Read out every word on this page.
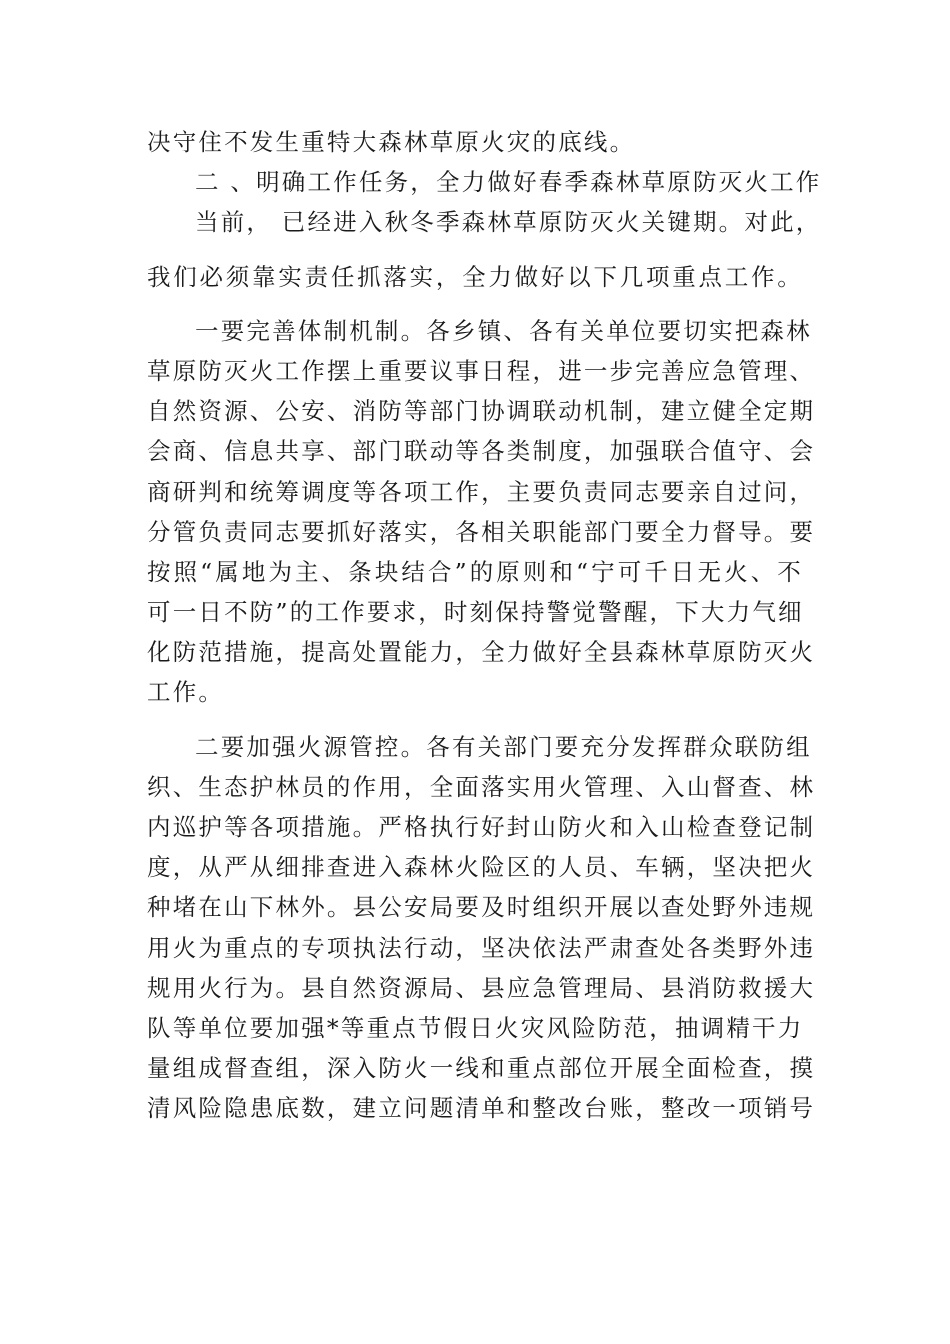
决守住不发生重特大森林草原火灾的底线。
二 、明确工作任务，全力做好春季森林草原防灭火工作
当前， 已经进入秋冬季森林草原防灭火关键期。对此，
我们必须靠实责任抓落实，全力做好以下几项重点工作。
一要完善体制机制。各乡镇、各有关单位要切实把森林
草原防灭火工作摆上重要议事日程，进一步完善应急管理、
自然资源、公安、消防等部门协调联动机制，建立健全定期
会商、信息共享、部门联动等各类制度，加强联合值守、会
商研判和统筹调度等各项工作，主要负责同志要亲自过问，
分管负责同志要抓好落实，各相关职能部门要全力督导。要
按照“属地为主、条块结合”的原则和“宁可千日无火、不
可一日不防”的工作要求，时刻保持警觉警醒，下大力气细
化防范措施，提高处置能力，全力做好全县森林草原防灭火
工作。
二要加强火源管控。各有关部门要充分发挥群众联防组
织、生态护林员的作用，全面落实用火管理、入山督查、林
内巡护等各项措施。严格执行好封山防火和入山检查登记制
度，从严从细排查进入森林火险区的人员、车辆，坚决把火
种堵在山下林外。县公安局要及时组织开展以查处野外违规
用火为重点的专项执法行动，坚决依法严肃查处各类野外违
规用火行为。县自然资源局、县应急管理局、县消防救援大
队等单位要加强*等重点节假日火灾风险防范，抽调精干力
量组成督查组，深入防火一线和重点部位开展全面检查，摸
清风险隐患底数，建立问题清单和整改台账，整改一项销号
